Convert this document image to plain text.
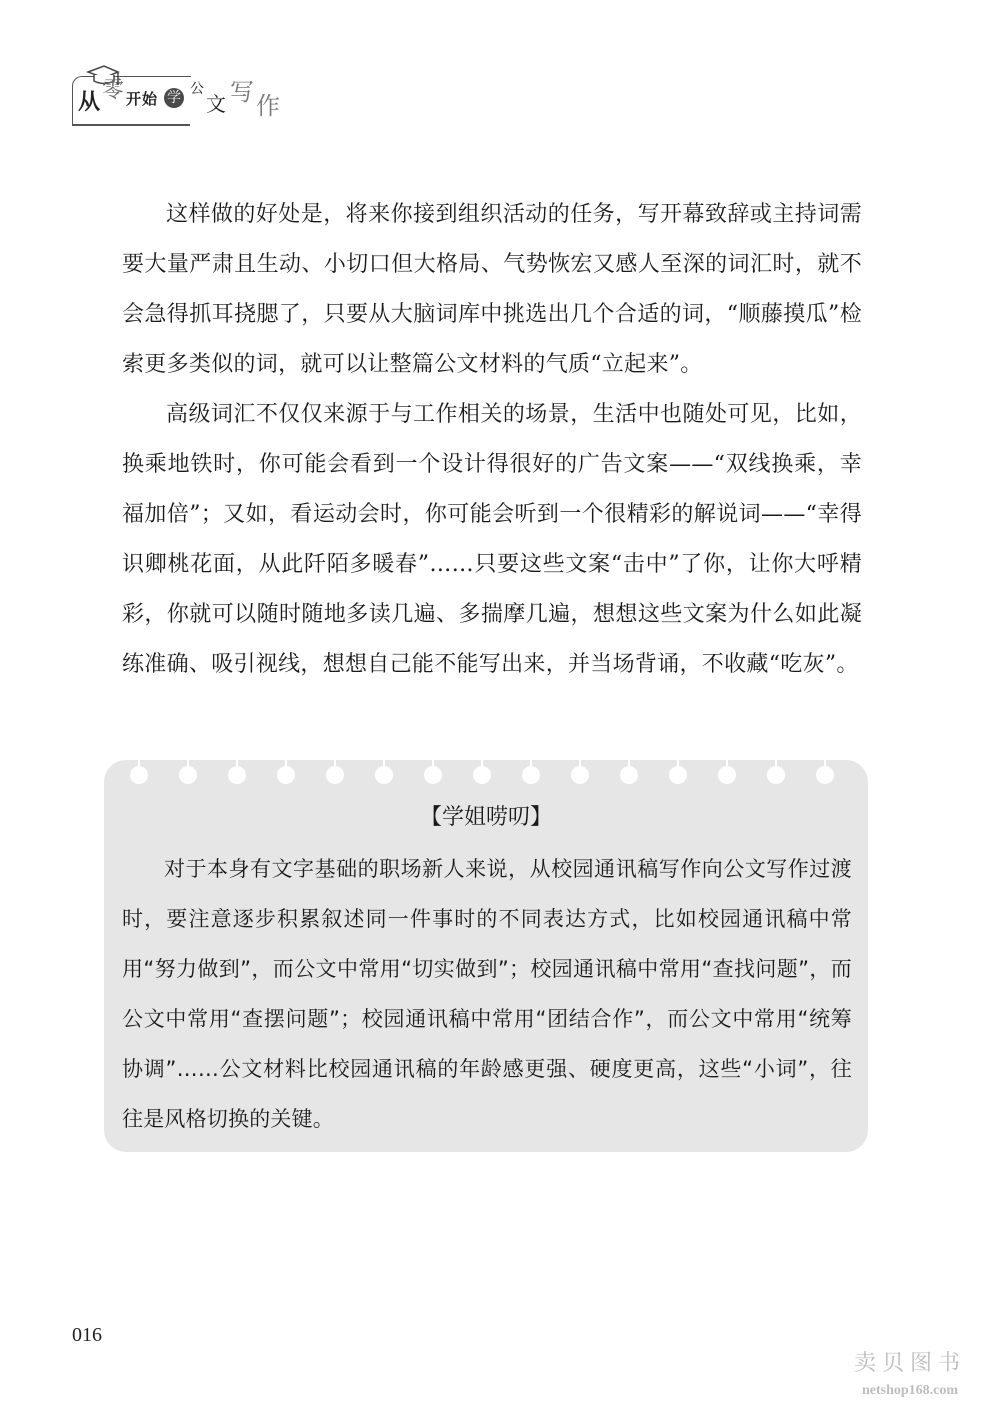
从 零 开 始 学
公
文 写 作

这样做的好处是，将来你接到组织活动的任务，写开幕致辞或主持词需要大量严肃且生动、小切口但大格局、气势恢宏又感人至深的词汇时，就不会急得抓耳挠腮了，只要从大脑词库中挑选出几个合适的词，“顺藤摸瓜”检索更多类似的词，就可以让整篇公文材料的气质“立起来”。

高级词汇不仅仅来源于与工作相关的场景，生活中也随处可见，比如，换乘地铁时，你可能会看到一个设计得很好的广告文案——“双线换乘，幸福加倍”；又如，看运动会时，你可能会听到一个很精彩的解说词——“幸得识卿桃花面，从此阡陌多暖春”……只要这些文案“击中”了你，让你大呼精彩，你就可以随时随地多读几遍、多揣摩几遍，想想这些文案为什么如此凝练准确、吸引视线，想想自己能不能写出来，并当场背诵，不收藏“吃灰”。

【学姐唠叨】

对于本身有文字基础的职场新人来说，从校园通讯稿写作向公文写作过渡时，要注意逐步积累叙述同一件事时的不同表达方式，比如校园通讯稿中常用“努力做到”，而公文中常用“切实做到”；校园通讯稿中常用“查找问题”，而公文中常用“查摆问题”；校园通讯稿中常用“团结合作”，而公文中常用“统筹协调”……公文材料比校园通讯稿的年龄感更强、硬度更高，这些“小词”，往往是风格切换的关键。

016
卖贝图书
netshop168.com
